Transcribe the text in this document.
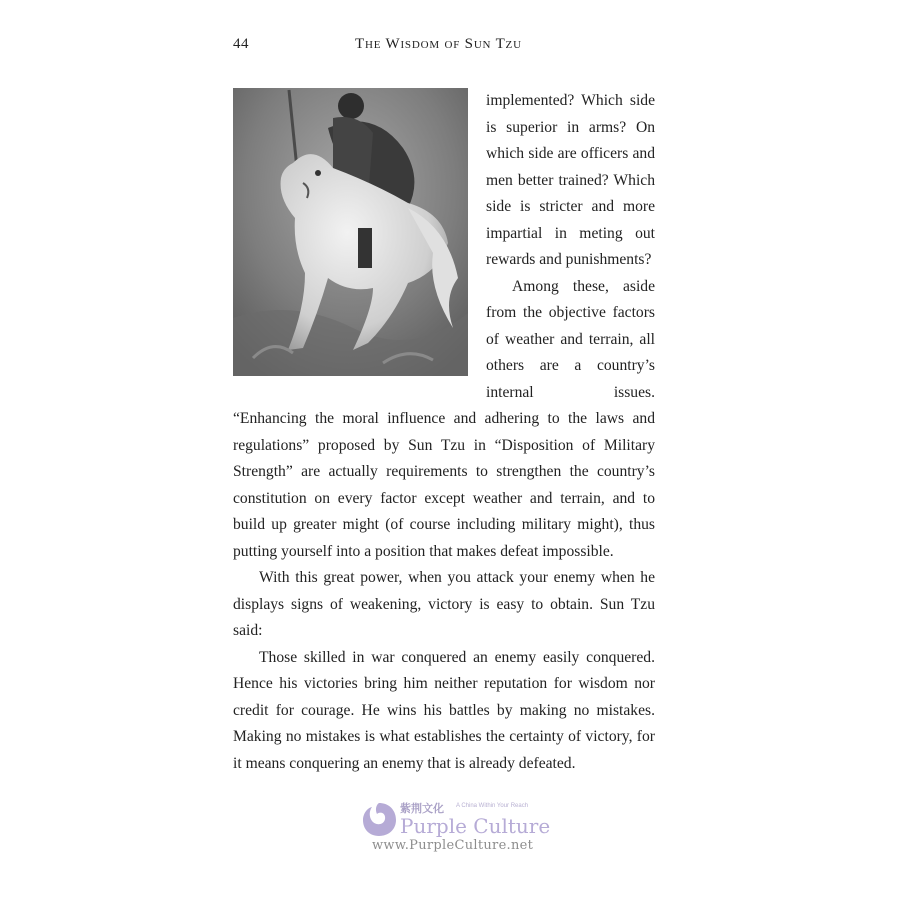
44	The Wisdom of Sun Tzu

implemented? Which side is superior in arms? On which side are officers and men better trained? Which side is stricter and more impartial in meting out rewards and punishments?

Among these, aside from the objective factors of weather and terrain, all others are a country’s internal issues. “Enhancing the moral influence and adhering to the laws and regulations” proposed by Sun Tzu in “Disposition of Military Strength” are actually requirements to strengthen the country’s constitution on every factor except weather and terrain, and to build up greater might (of course including military might), thus putting yourself into a position that makes defeat impossible.

With this great power, when you attack your enemy when he displays signs of weakening, victory is easy to obtain. Sun Tzu said:

Those skilled in war conquered an enemy easily conquered. Hence his victories bring him neither reputation for wisdom nor credit for courage. He wins his battles by making no mistakes. Making no mistakes is what establishes the certainty of victory, for it means conquering an enemy that is already defeated.

紫荆文化 A China Within Your Reach
Purple Culture
www.PurpleCulture.net
